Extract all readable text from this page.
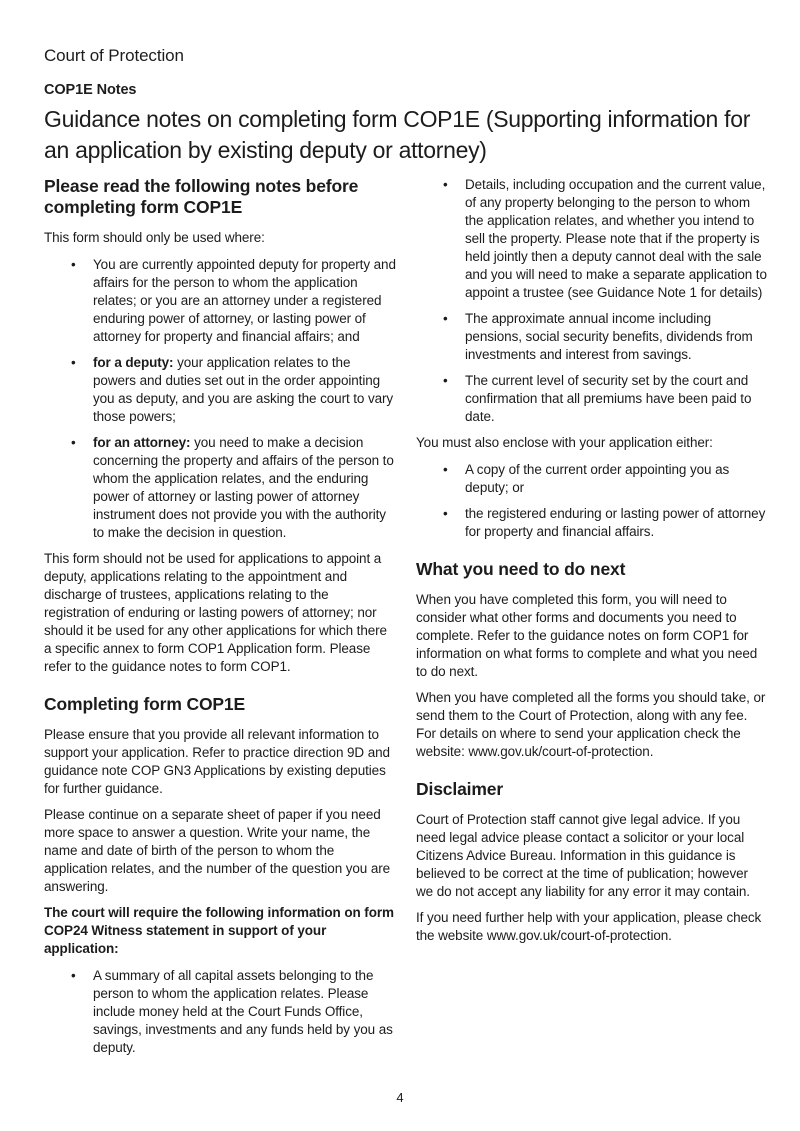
Court of Protection
COP1E Notes
Guidance notes on completing form COP1E (Supporting information for an application by existing deputy or attorney)
Please read the following notes before completing form COP1E

This form should only be used where:

• You are currently appointed deputy for property and affairs for the person to whom the application relates; or you are an attorney under a registered enduring power of attorney, or lasting power of attorney for property and financial affairs; and
• for a deputy: your application relates to the powers and duties set out in the order appointing you as deputy, and you are asking the court to vary those powers;
• for an attorney: you need to make a decision concerning the property and affairs of the person to whom the application relates, and the enduring power of attorney or lasting power of attorney instrument does not provide you with the authority to make the decision in question.

This form should not be used for applications to appoint a deputy, applications relating to the appointment and discharge of trustees, applications relating to the registration of enduring or lasting powers of attorney; nor should it be used for any other applications for which there a specific annex to form COP1 Application form. Please refer to the guidance notes to form COP1.

Completing form COP1E

Please ensure that you provide all relevant information to support your application. Refer to practice direction 9D and guidance note COP GN3 Applications by existing deputies for further guidance.

Please continue on a separate sheet of paper if you need more space to answer a question. Write your name, the name and date of birth of the person to whom the application relates, and the number of the question you are answering.

The court will require the following information on form COP24 Witness statement in support of your application:

• A summary of all capital assets belonging to the person to whom the application relates. Please include money held at the Court Funds Office, savings, investments and any funds held by you as deputy.
• Details, including occupation and the current value, of any property belonging to the person to whom the application relates, and whether you intend to sell the property. Please note that if the property is held jointly then a deputy cannot deal with the sale and you will need to make a separate application to appoint a trustee (see Guidance Note 1 for details)
• The approximate annual income including pensions, social security benefits, dividends from investments and interest from savings.
• The current level of security set by the court and confirmation that all premiums have been paid to date.

You must also enclose with your application either:

• A copy of the current order appointing you as deputy; or
• the registered enduring or lasting power of attorney for property and financial affairs.
What you need to do next

When you have completed this form, you will need to consider what other forms and documents you need to complete. Refer to the guidance notes on form COP1 for information on what forms to complete and what you need to do next.

When you have completed all the forms you should take, or send them to the Court of Protection, along with any fee. For details on where to send your application check the website: www.gov.uk/court-of-protection.

Disclaimer

Court of Protection staff cannot give legal advice. If you need legal advice please contact a solicitor or your local Citizens Advice Bureau. Information in this guidance is believed to be correct at the time of publication; however we do not accept any liability for any error it may contain.

If you need further help with your application, please check the website www.gov.uk/court-of-protection.

4
